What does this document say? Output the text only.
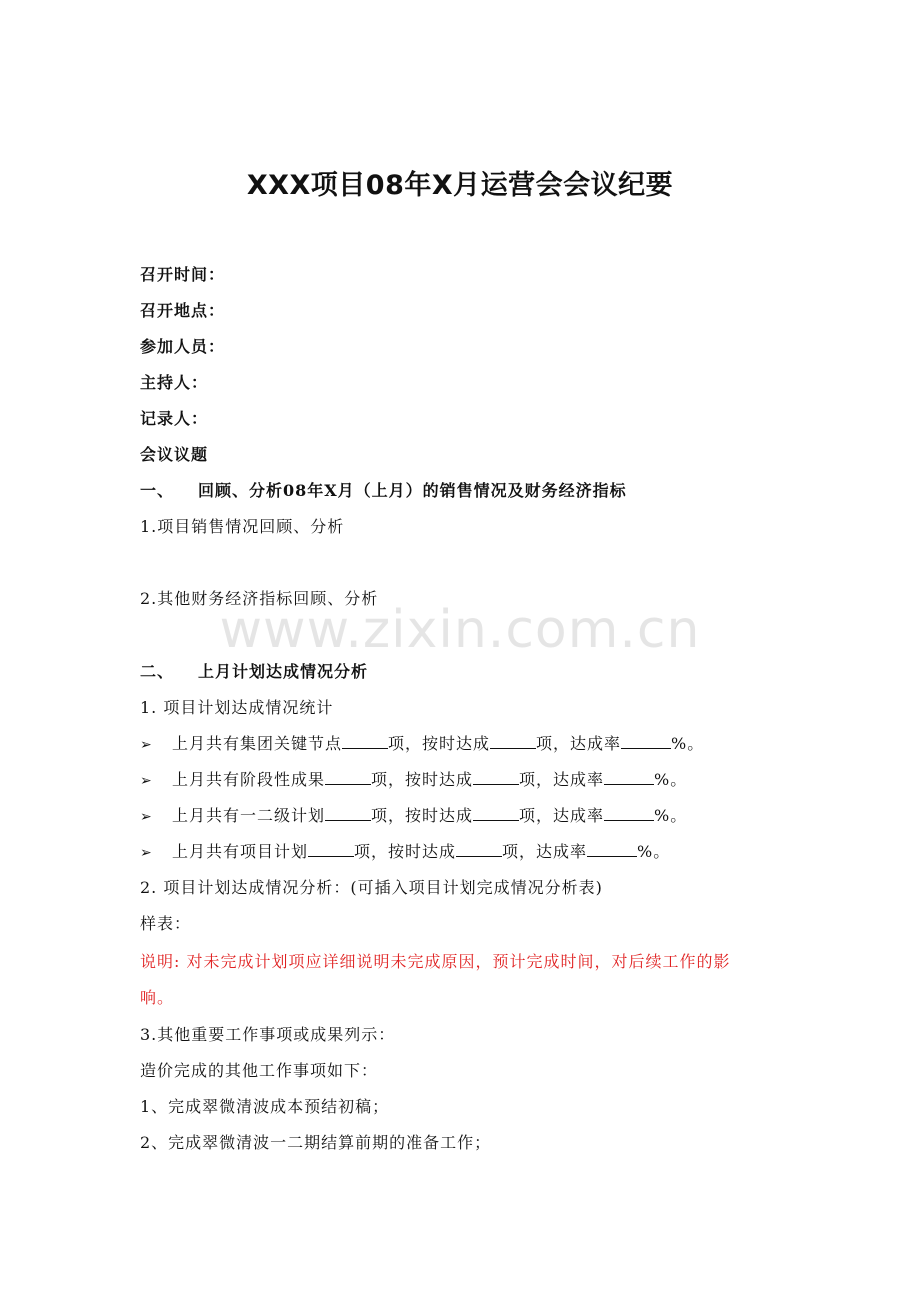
XXX项目08年X月运营会会议纪要
召开时间：
召开地点：
参加人员：
主持人：
记录人：
会议议题
一、 回顾、分析08年X月（上月）的销售情况及财务经济指标
1.项目销售情况回顾、分析
2.其他财务经济指标回顾、分析
www.zixin.com.cn
二、 上月计划达成情况分析
1. 项目计划达成情况统计
➢ 上月共有集团关键节点	项，按时达成	项，达成率	%。
➢ 上月共有阶段性成果	项，按时达成	项，达成率	%。
➢ 上月共有一二级计划	项，按时达成	项，达成率	%。
➢ 上月共有项目计划	项，按时达成	项，达成率	%。
2. 项目计划达成情况分析：(可插入项目计划完成情况分析表)
样表：
说明: 对未完成计划项应详细说明未完成原因，预计完成时间，对后续工作的影
响。
3.其他重要工作事项或成果列示：
造价完成的其他工作事项如下：
1、完成翠微清波成本预结初稿；
2、完成翠微清波一二期结算前期的准备工作；
